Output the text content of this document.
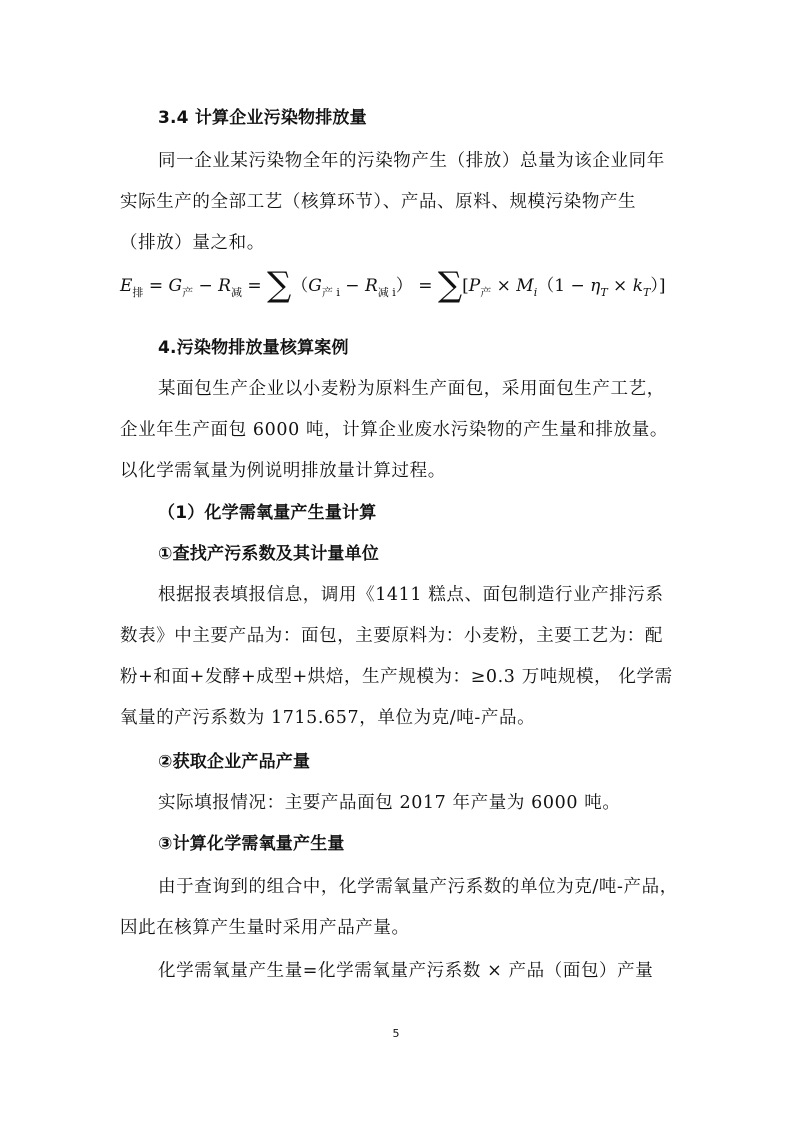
3.4 计算企业污染物排放量
同一企业某污染物全年的污染物产生（排放）总量为该企业同年
实际生产的全部工艺（核算环节）、产品、原料、规模污染物产生
（排放）量之和。
$E_排 = G_产 - R_减 = \sum(G_{产 i} - R_{减 i}) = \sum[P_产 \times M_i(1 - \eta_T \times k_T)]$
4.污染物排放量核算案例
某面包生产企业以小麦粉为原料生产面包，采用面包生产工艺，
企业年生产面包 6000 吨，计算企业废水污染物的产生量和排放量。
以化学需氧量为例说明排放量计算过程。
（1）化学需氧量产生量计算
①查找产污系数及其计量单位
根据报表填报信息，调用《1411 糕点、面包制造行业产排污系
数表》中主要产品为：面包，主要原料为：小麦粉，主要工艺为：配
粉+和面+发酵+成型+烘焙，生产规模为：≥0.3 万吨规模， 化学需
氧量的产污系数为 1715.657，单位为克/吨-产品。
②获取企业产品产量
实际填报情况：主要产品面包 2017 年产量为 6000 吨。
③计算化学需氧量产生量
由于查询到的组合中，化学需氧量产污系数的单位为克/吨-产品，
因此在核算产生量时采用产品产量。
化学需氧量产生量=化学需氧量产污系数 × 产品（面包）产量
5
